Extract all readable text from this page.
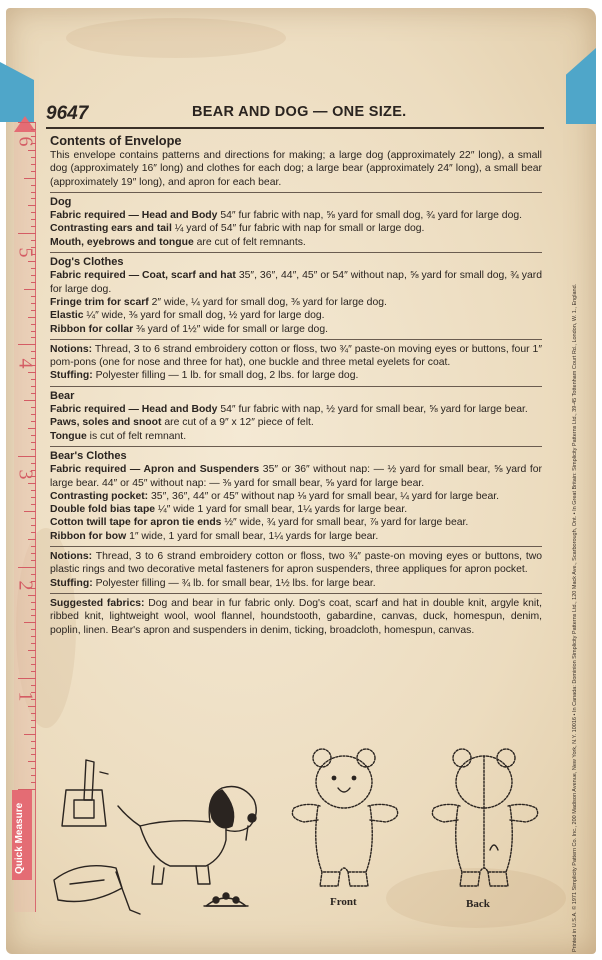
6
5
4
3
2
1
Quick Measure
9647	BEAR AND DOG — ONE SIZE.
Contents of Envelope
This envelope contains patterns and directions for making; a large dog (approximately 22″ long), a small dog (approximately 16″ long) and clothes for each dog; a large bear (approximately 24″ long), a small bear (approximately 19″ long), and apron for each bear.
Dog
Fabric required — Head and Body 54″ fur fabric with nap, ⅝ yard for small dog, ¾ yard for large dog.
Contrasting ears and tail ¼ yard of 54″ fur fabric with nap for small or large dog.
Mouth, eyebrows and tongue are cut of felt remnants.
Dog's Clothes
Fabric required — Coat, scarf and hat 35″, 36″, 44″, 45″ or 54″ without nap, ⅝ yard for small dog, ¾ yard for large dog.
Fringe trim for scarf 2″ wide, ¼ yard for small dog, ⅜ yard for large dog.
Elastic ¼″ wide, ⅜ yard for small dog, ½ yard for large dog.
Ribbon for collar ⅜ yard of 1½″ wide for small or large dog.
Notions: Thread, 3 to 6 strand embroidery cotton or floss, two ¾″ paste-on moving eyes or buttons, four 1″ pom-pons (one for nose and three for hat), one buckle and three metal eyelets for coat.
Stuffing: Polyester filling — 1 lb. for small dog, 2 lbs. for large dog.
Bear
Fabric required — Head and Body 54″ fur fabric with nap, ½ yard for small bear, ⅝ yard for large bear.
Paws, soles and snoot are cut of a 9″ x 12″ piece of felt.
Tongue is cut of felt remnant.
Bear's Clothes
Fabric required — Apron and Suspenders 35″ or 36″ without nap: — ½ yard for small bear, ⅝ yard for large bear. 44″ or 45″ without nap: — ⅜ yard for small bear, ⅝ yard for large bear.
Contrasting pocket: 35″, 36″, 44″ or 45″ without nap ⅛ yard for small bear, ¼ yard for large bear.
Double fold bias tape ¼″ wide 1 yard for small bear, 1¼ yards for large bear.
Cotton twill tape for apron tie ends ½″ wide, ¾ yard for small bear, ⅞ yard for large bear.
Ribbon for bow 1″ wide, 1 yard for small bear, 1¼ yards for large bear.
Notions: Thread, 3 to 6 strand embroidery cotton or floss, two ¾″ paste-on moving eyes or buttons, two plastic rings and two decorative metal fasteners for apron suspenders, three appliques for apron pocket.
Stuffing: Polyester filling — ¾ lb. for small bear, 1½ lbs. for large bear.
Suggested fabrics: Dog and bear in fur fabric only. Dog's coat, scarf and hat in double knit, argyle knit, ribbed knit, lightweight wool, wool flannel, houndstooth, gabardine, canvas, duck, homespun, denim, poplin, linen. Bear's apron and suspenders in denim, ticking, broadcloth, homespun, canvas.
Front	Back	Printed in U.S.A. © 1971 Simplicity Pattern Co. Inc., 200 Madison Avenue, New York, N.Y. 10016 • In Canada: Dominion Simplicity Patterns Ltd., 120 Mack Ave., Scarborough, Ont. • In Great Britain: Simplicity Patterns Ltd., 39-45 Tottenham Court Rd., London, W. 1., England.
